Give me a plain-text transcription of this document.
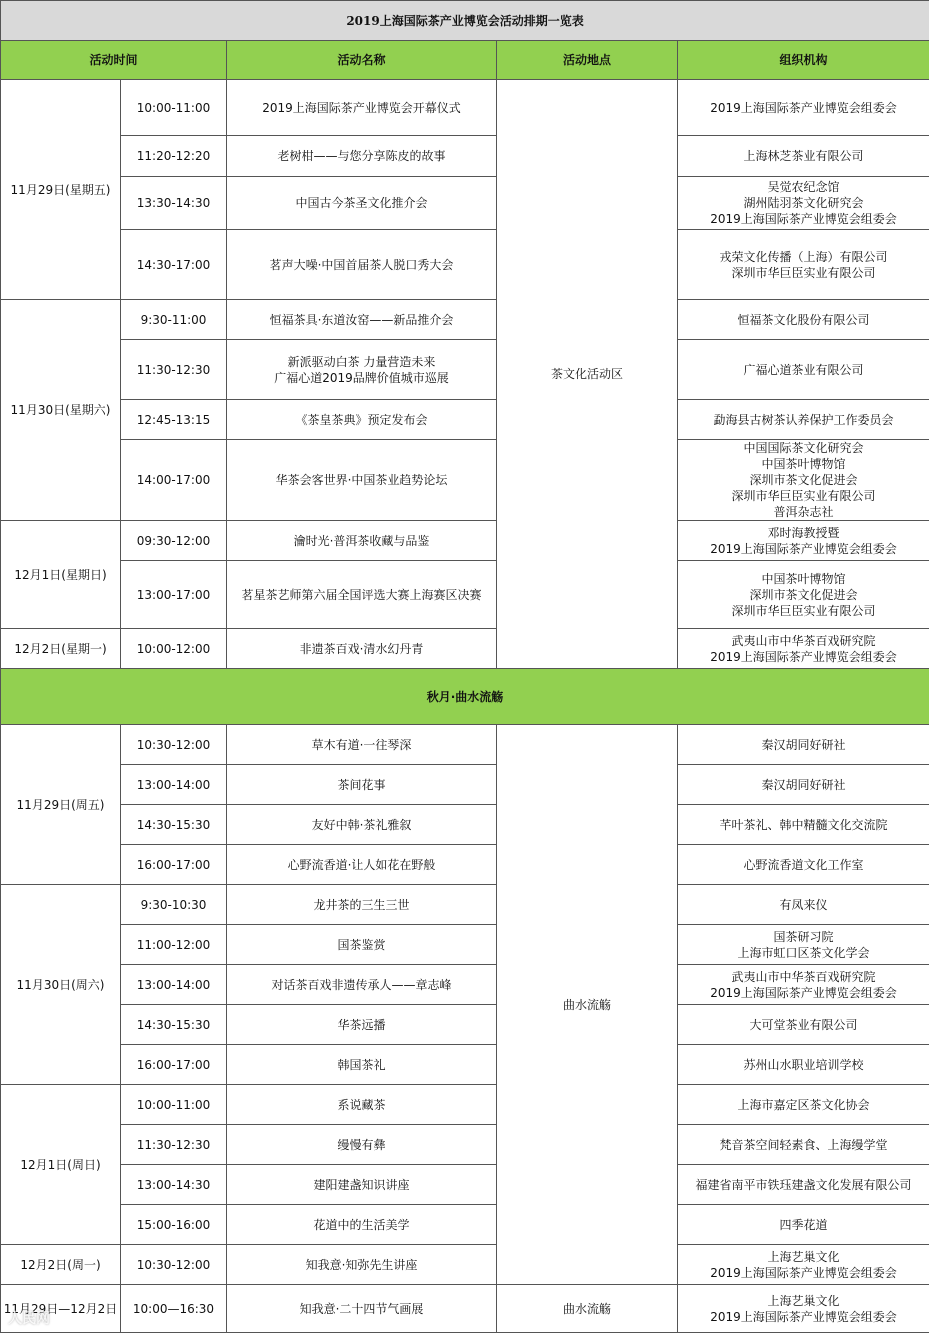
2019上海国际茶产业博览会活动排期一览表				
活动时间		活动名称	活动地点	组织机构
11月29日(星期五)	10:00-11:00	2019上海国际茶产业博览会开幕仪式	茶文化活动区	2019上海国际茶产业博览会组委会
	11:20-12:20	老树柑——与您分享陈皮的故事		上海林芝茶业有限公司
	13:30-14:30	中国古今茶圣文化推介会		吴觉农纪念馆
湖州陆羽茶文化研究会
2019上海国际茶产业博览会组委会
	14:30-17:00	茗声大噪·中国首届茶人脱口秀大会		戎荣文化传播（上海）有限公司
深圳市华巨臣实业有限公司
11月30日(星期六)	9:30-11:00	恒福茶具·东道汝窑——新品推介会		恒福茶文化股份有限公司
	11:30-12:30	新派驱动白茶 力量营造未来
广福心道2019品牌价值城市巡展		广福心道茶业有限公司
	12:45-13:15	《茶皇茶典》预定发布会		勐海县古树茶认养保护工作委员会
	14:00-17:00	华茶会客世界·中国茶业趋势论坛		中国国际茶文化研究会
中国茶叶博物馆
深圳市茶文化促进会
深圳市华巨臣实业有限公司
普洱杂志社
12月1日(星期日)	09:30-12:00	瀹时光·普洱茶收藏与品鉴		邓时海教授暨
2019上海国际茶产业博览会组委会
	13:00-17:00	茗星茶艺师第六届全国评选大赛上海赛区决赛		中国茶叶博物馆
深圳市茶文化促进会
深圳市华巨臣实业有限公司
12月2日(星期一)	10:00-12:00	非遗茶百戏·清水幻丹青		武夷山市中华茶百戏研究院
2019上海国际茶产业博览会组委会
秋月·曲水流觞				
11月29日(周五)	10:30-12:00	草木有道·一往琴深	曲水流觞	秦汉胡同好研社
	13:00-14:00	茶间花事		秦汉胡同好研社
	14:30-15:30	友好中韩·茶礼雅叙		芊叶茶礼、韩中精髓文化交流院
	16:00-17:00	心野流香道·让人如花在野般		心野流香道文化工作室
11月30日(周六)	9:30-10:30	龙井茶的三生三世		有凤来仪
	11:00-12:00	国茶鉴赏		国茶研习院
上海市虹口区茶文化学会
	13:00-14:00	对话茶百戏非遗传承人——章志峰		武夷山市中华茶百戏研究院
2019上海国际茶产业博览会组委会
	14:30-15:30	华茶远播		大可堂茶业有限公司
	16:00-17:00	韩国茶礼		苏州山水职业培训学校
12月1日(周日)	10:00-11:00	系说藏茶		上海市嘉定区茶文化协会
	11:30-12:30	缦慢有彝		梵音茶空间轻素食、上海缦学堂
	13:00-14:30	建阳建盏知识讲座		福建省南平市铁珏建盏文化发展有限公司
	15:00-16:00	花道中的生活美学		四季花道
12月2日(周一)	10:30-12:00	知我意·知弥先生讲座		上海艺巢文化
2019上海国际茶产业博览会组委会
11月29日—12月2日	10:00—16:30	知我意·二十四节气画展	曲水流觞	上海艺巢文化
2019上海国际茶产业博览会组委会
人民网
